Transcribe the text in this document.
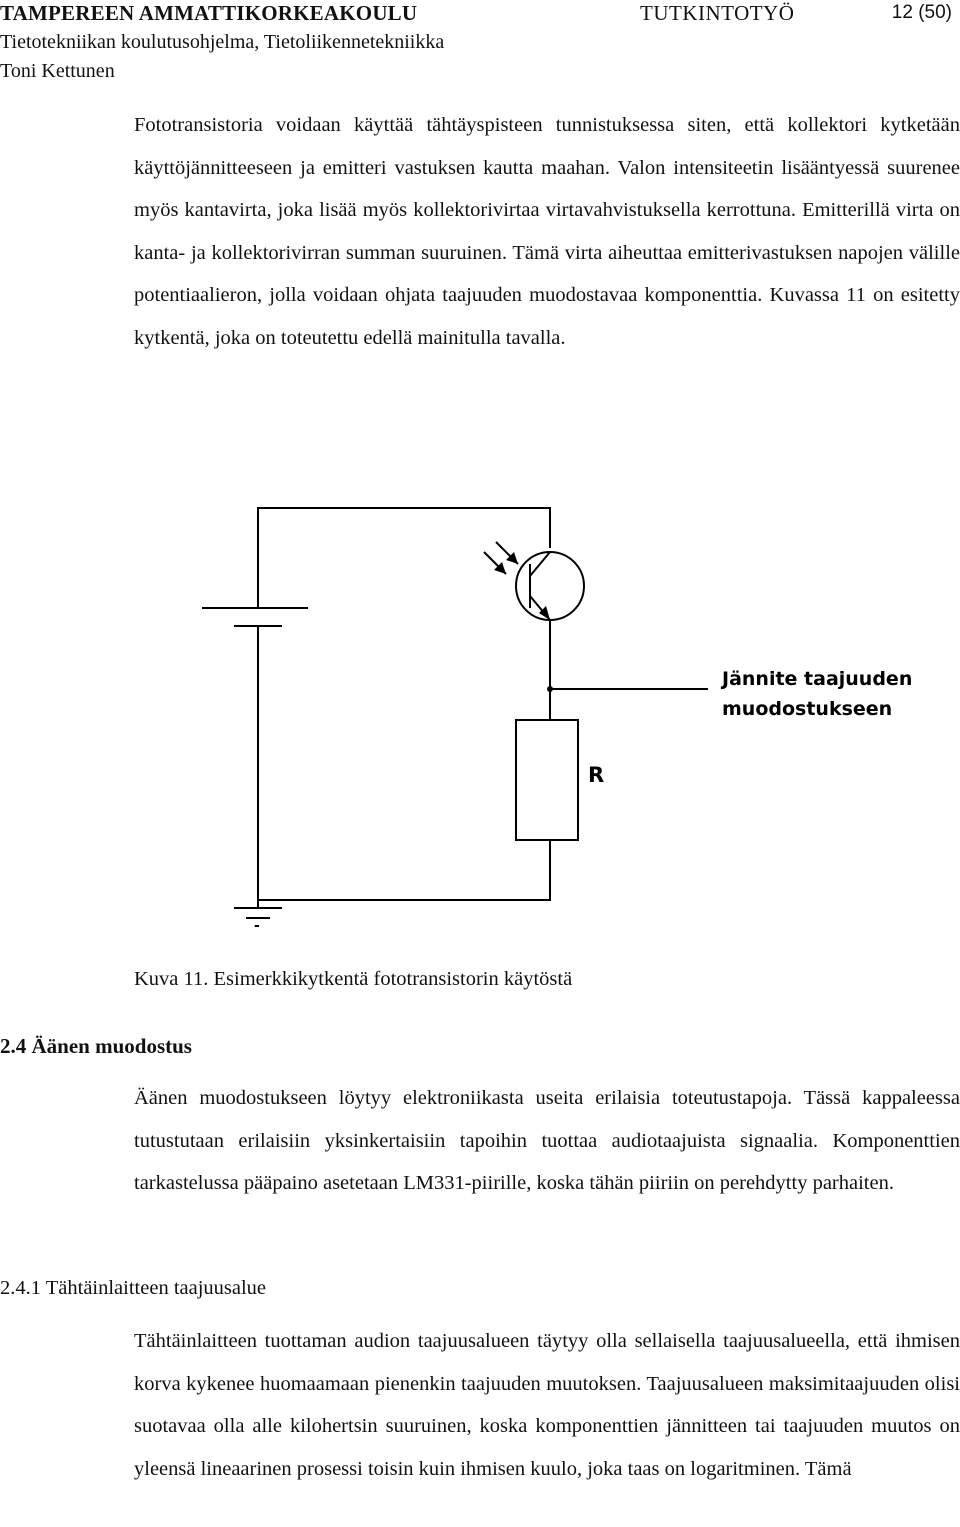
TAMPEREEN AMMATTIKORKEAKOULU	TUTKINTOTYÖ	12 (50)
Tietotekniikan koulutusohjelma, Tietoliikennetekniikka
Toni Kettunen

Fototransistoria voidaan käyttää tähtäyspisteen tunnistuksessa siten, että kollektori kytketään käyttöjännitteeseen ja emitteri vastuksen kautta maahan. Valon intensiteetin lisääntyessä suurenee myös kantavirta, joka lisää myös kollektorivirtaa virtavahvistuksella kerrottuna. Emitterillä virta on kanta- ja kollektorivirran summan suuruinen. Tämä virta aiheuttaa emitterivastuksen napojen välille potentiaalieron, jolla voidaan ohjata taajuuden muodostavaa komponenttia. Kuvassa 11 on esitetty kytkentä, joka on toteutettu edellä mainitulla tavalla.

Jännite taajuuden
muodostukseen
R
-
Kuva 11. Esimerkkikytkentä fototransistorin käytöstä
2.4 Äänen muodostus

Äänen muodostukseen löytyy elektroniikasta useita erilaisia toteutustapoja. Tässä kappaleessa tutustutaan erilaisiin yksinkertaisiin tapoihin tuottaa audiotaajuista signaalia. Komponenttien tarkastelussa pääpaino asetetaan LM331-piirille, koska tähän piiriin on perehdytty parhaiten.

2.4.1 Tähtäinlaitteen taajuusalue

Tähtäinlaitteen tuottaman audion taajuusalueen täytyy olla sellaisella taajuusalueella, että ihmisen korva kykenee huomaamaan pienenkin taajuuden muutoksen. Taajuusalueen maksimitaajuuden olisi suotavaa olla alle kilohertsin suuruinen, koska komponenttien jännitteen tai taajuuden muutos on yleensä lineaarinen prosessi toisin kuin ihmisen kuulo, joka taas on logaritminen. Tämä
